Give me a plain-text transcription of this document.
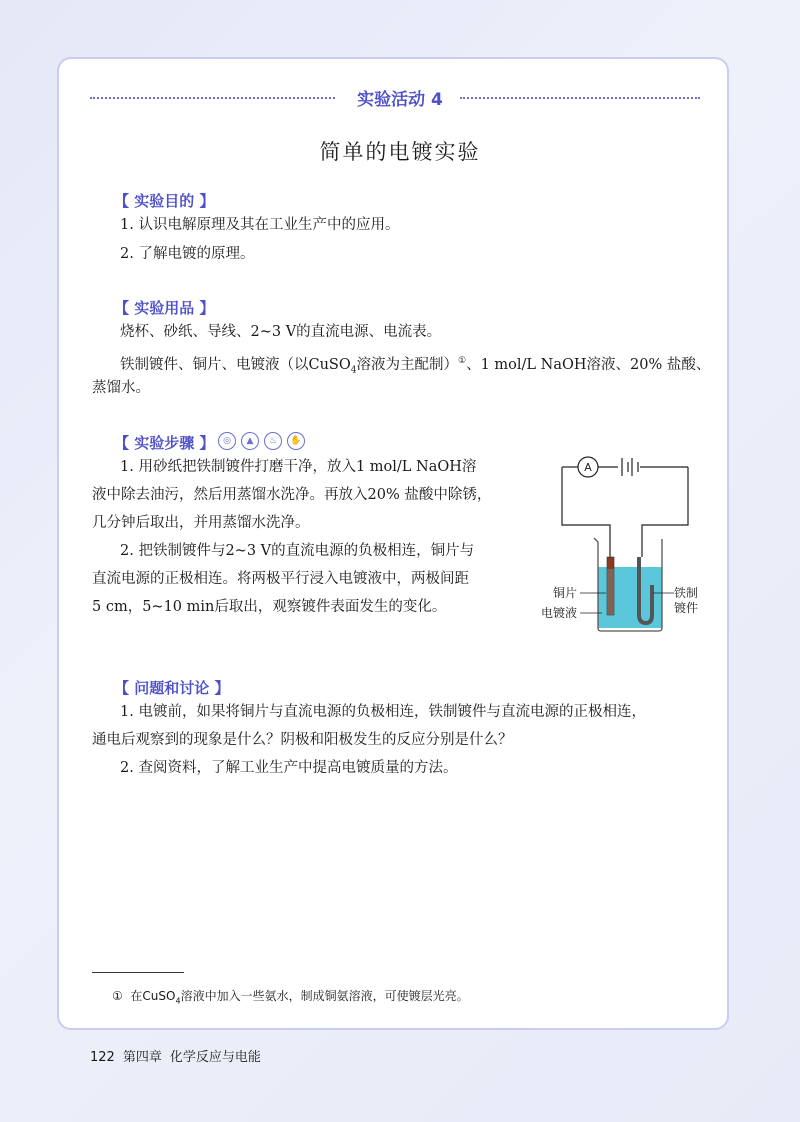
实验活动 4
简单的电镀实验
【 实验目的 】
1. 认识电解原理及其在工业生产中的应用。
2. 了解电镀的原理。
【 实验用品 】
烧杯、砂纸、导线、2~3 V的直流电源、电流表。
铁制镀件、铜片、电镀液（以CuSO$_4$溶液为主配制）①、1 mol/L NaOH溶液、20% 盐酸、
蒸馏水。
【 实验步骤 】 ◎	▲	♨	✋
1. 用砂纸把铁制镀件打磨干净，放入1 mol/L NaOH溶
液中除去油污，然后用蒸馏水洗净。再放入20% 盐酸中除锈，
几分钟后取出，并用蒸馏水洗净。
2. 把铁制镀件与2~3 V的直流电源的负极相连，铜片与
直流电源的正极相连。将两极平行浸入电镀液中，两极间距
5 cm，5~10 min后取出，观察镀件表面发生的变化。
A
铜片
电镀液
铁制
镀件
【 问题和讨论 】
1. 电镀前，如果将铜片与直流电源的负极相连，铁制镀件与直流电源的正极相连，
通电后观察到的现象是什么？阴极和阳极发生的反应分别是什么？
2. 查阅资料，了解工业生产中提高电镀质量的方法。
① 在CuSO$_4$溶液中加入一些氨水，制成铜氨溶液，可使镀层光亮。
122 第四章 化学反应与电能
